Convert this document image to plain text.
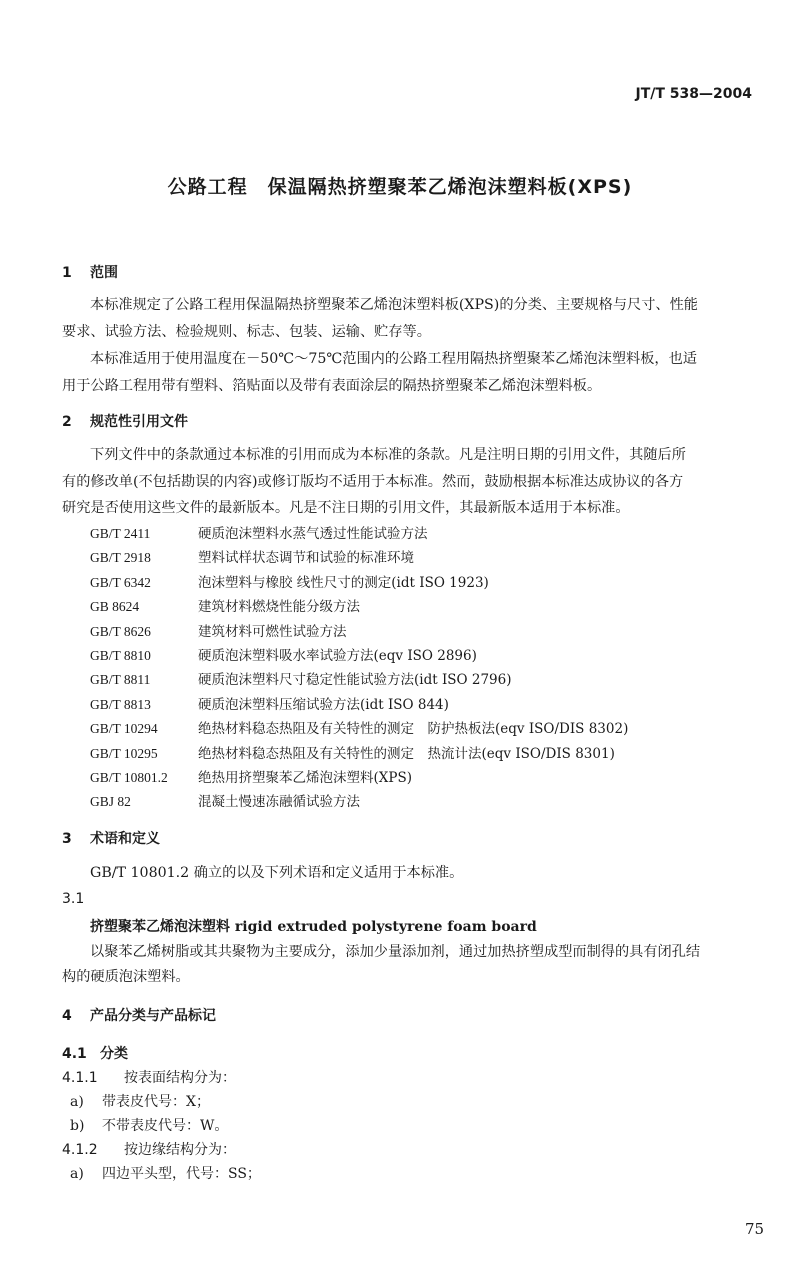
JT/T 538—2004
公路工程　保温隔热挤塑聚苯乙烯泡沫塑料板(XPS)
1 范围
本标准规定了公路工程用保温隔热挤塑聚苯乙烯泡沫塑料板(XPS)的分类、主要规格与尺寸、性能
要求、试验方法、检验规则、标志、包装、运输、贮存等。
本标准适用于使用温度在－50℃～75℃范围内的公路工程用隔热挤塑聚苯乙烯泡沫塑料板，也适
用于公路工程用带有塑料、箔贴面以及带有表面涂层的隔热挤塑聚苯乙烯泡沫塑料板。
2 规范性引用文件
下列文件中的条款通过本标准的引用而成为本标准的条款。凡是注明日期的引用文件，其随后所
有的修改单(不包括勘误的内容)或修订版均不适用于本标准。然而，鼓励根据本标准达成协议的各方
研究是否使用这些文件的最新版本。凡是不注日期的引用文件，其最新版本适用于本标准。
GB/T 2411	硬质泡沫塑料水蒸气透过性能试验方法
GB/T 2918	塑料试样状态调节和试验的标准环境
GB/T 6342	泡沫塑料与橡胶 线性尺寸的测定(idt ISO 1923)
GB 8624	建筑材料燃烧性能分级方法
GB/T 8626	建筑材料可燃性试验方法
GB/T 8810	硬质泡沫塑料吸水率试验方法(eqv ISO 2896)
GB/T 8811	硬质泡沫塑料尺寸稳定性能试验方法(idt ISO 2796)
GB/T 8813	硬质泡沫塑料压缩试验方法(idt ISO 844)
GB/T 10294	绝热材料稳态热阻及有关特性的测定　防护热板法(eqv ISO/DIS 8302)
GB/T 10295	绝热材料稳态热阻及有关特性的测定　热流计法(eqv ISO/DIS 8301)
GB/T 10801.2 绝热用挤塑聚苯乙烯泡沫塑料(XPS)
GBJ 82	混凝土慢速冻融循试验方法
3 术语和定义
GB/T 10801.2 确立的以及下列术语和定义适用于本标准。
3.1
挤塑聚苯乙烯泡沫塑料 rigid extruded polystyrene foam board
以聚苯乙烯树脂或其共聚物为主要成分，添加少量添加剂，通过加热挤塑成型而制得的具有闭孔结
构的硬质泡沫塑料。
4 产品分类与产品标记
4.1 分类
4.1.1 按表面结构分为：
a) 带表皮代号：X；
b) 不带表皮代号：W。
4.1.2 按边缘结构分为：
a) 四边平头型，代号：SS；
75
